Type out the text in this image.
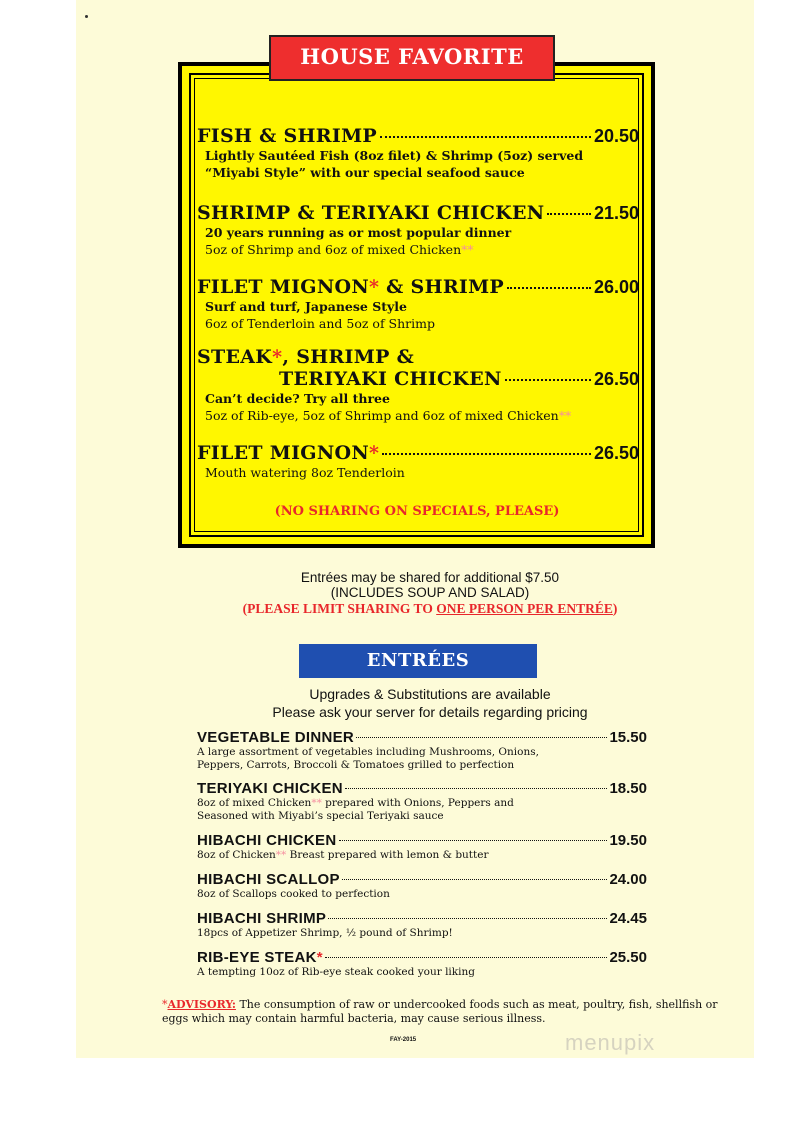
HOUSE FAVORITE
FISH & SHRIMP	20.50
Lightly Sautéed Fish (8oz filet) & Shrimp (5oz) served
“Miyabi Style” with our special seafood sauce
SHRIMP & TERIYAKI CHICKEN	21.50
20 years running as or most popular dinner
5oz of Shrimp and 6oz of mixed Chicken**
FILET MIGNON* & SHRIMP	26.00
Surf and turf, Japanese Style
6oz of Tenderloin and 5oz of Shrimp
STEAK*, SHRIMP &
TERIYAKI CHICKEN	26.50
Can’t decide? Try all three
5oz of Rib-eye, 5oz of Shrimp and 6oz of mixed Chicken**
FILET MIGNON*	26.50
Mouth watering 8oz Tenderloin
(NO SHARING ON SPECIALS, PLEASE)
Entrées may be shared for additional $7.50
(INCLUDES SOUP AND SALAD)
(PLEASE LIMIT SHARING TO ONE PERSON PER ENTRÉE)
ENTRÉES
Upgrades & Substitutions are available
Please ask your server for details regarding pricing
VEGETABLE DINNER	15.50
A large assortment of vegetables including Mushrooms, Onions,
Peppers, Carrots, Broccoli & Tomatoes grilled to perfection
TERIYAKI CHICKEN	18.50
8oz of mixed Chicken** prepared with Onions, Peppers and
Seasoned with Miyabi’s special Teriyaki sauce
HIBACHI CHICKEN	19.50
8oz of Chicken** Breast prepared with lemon & butter
HIBACHI SCALLOP	24.00
8oz of Scallops cooked to perfection
HIBACHI SHRIMP	24.45
18pcs of Appetizer Shrimp, ½ pound of Shrimp!
RIB-EYE STEAK*	25.50
A tempting 10oz of Rib-eye steak cooked your liking
*ADVISORY: The consumption of raw or undercooked foods such as meat, poultry, fish, shellfish or eggs which may contain harmful bacteria, may cause serious illness.
FAY-2015	menupix
